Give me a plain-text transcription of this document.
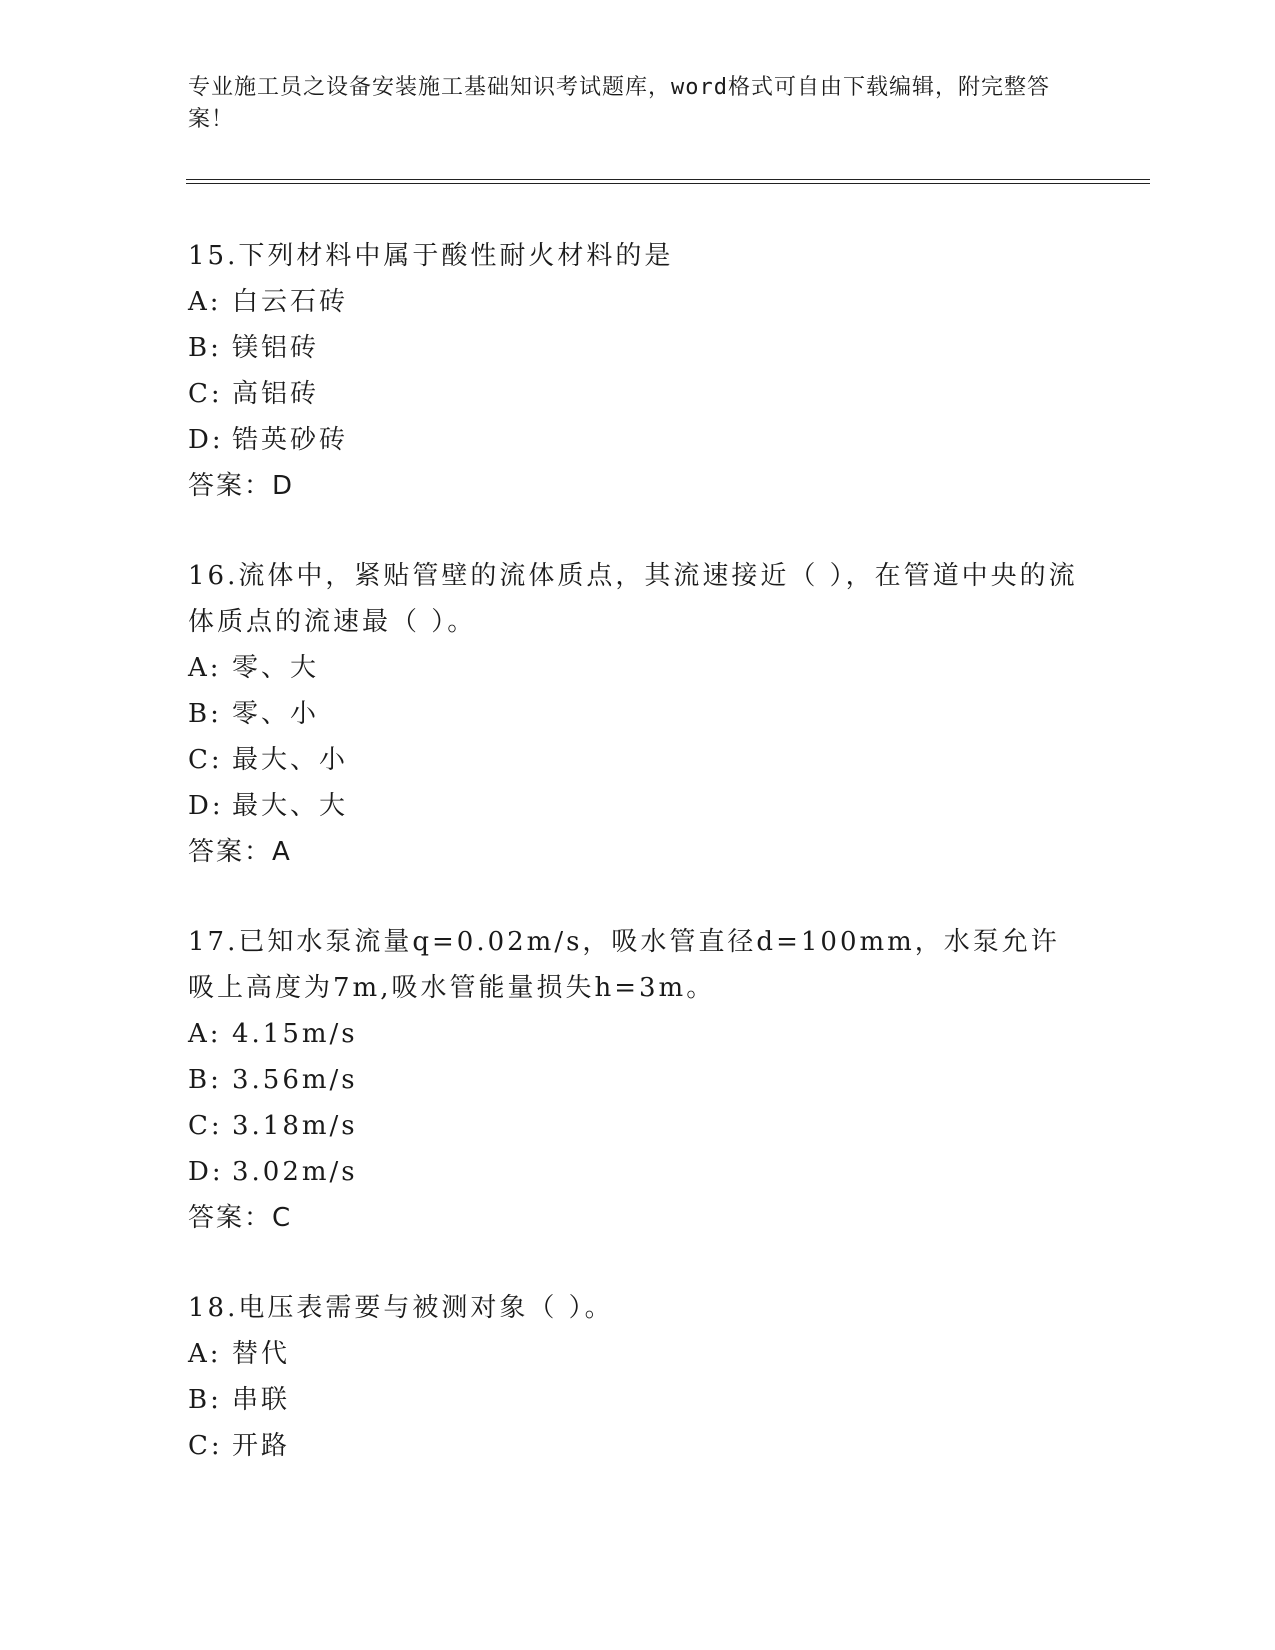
专业施工员之设备安装施工基础知识考试题库，word格式可自由下载编辑，附完整答案！
15.下列材料中属于酸性耐火材料的是
A: 白云石砖
B: 镁铝砖
C: 高铝砖
D: 锆英砂砖
答案：D
16.流体中，紧贴管壁的流体质点，其流速接近（ ），在管道中央的流体质点的流速最（ ）。
A: 零、大
B: 零、小
C: 最大、小
D: 最大、大
答案：A
17.已知水泵流量q=0.02m/s，吸水管直径d=100mm，水泵允许吸上高度为7m,吸水管能量损失h=3m。
A: 4.15m/s
B: 3.56m/s
C: 3.18m/s
D: 3.02m/s
答案：C
18.电压表需要与被测对象（ ）。
A: 替代
B: 串联
C: 开路
